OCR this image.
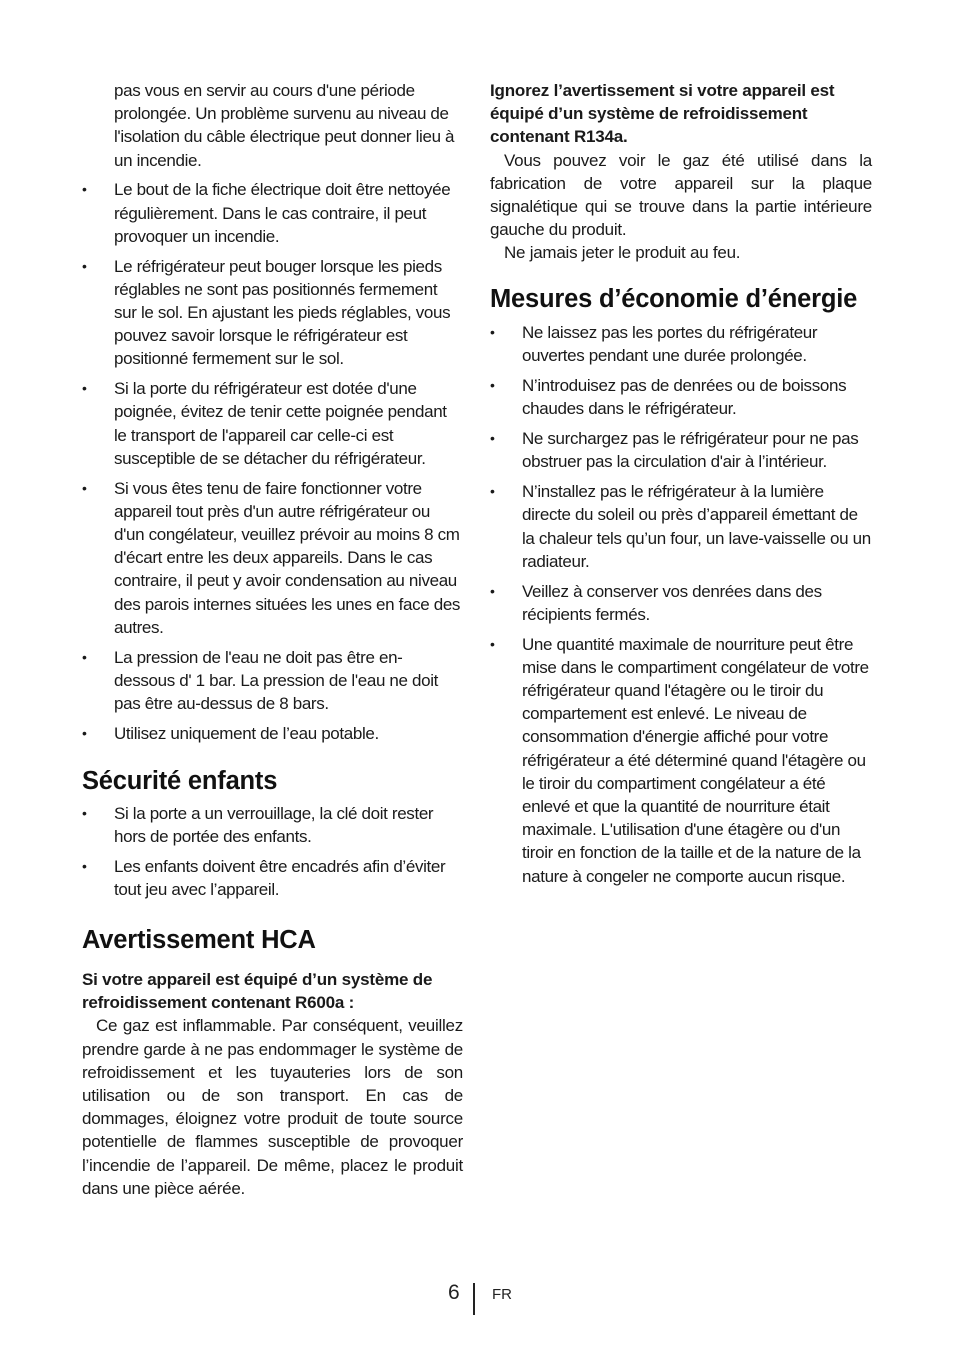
pas vous en servir au cours d'une période prolongée. Un problème survenu au niveau de l'isolation du câble électrique peut donner lieu à un incendie.

•	Le bout de la fiche électrique doit être nettoyée régulièrement. Dans le cas contraire, il peut provoquer un incendie.
•	Le réfrigérateur peut bouger lorsque les pieds réglables ne sont pas positionnés fermement sur le sol. En ajustant les pieds réglables, vous pouvez savoir lorsque le réfrigérateur est positionné fermement sur le sol.
•	Si la porte du réfrigérateur est dotée d'une poignée, évitez de tenir cette poignée pendant le transport de l'appareil car celle-ci est susceptible de se détacher du réfrigérateur.
•	Si vous êtes tenu de faire fonctionner votre appareil tout près d'un autre réfrigérateur ou d'un congélateur, veuillez prévoir au moins 8 cm d'écart entre les deux appareils. Dans le cas contraire, il peut y avoir condensation au niveau des parois internes situées les unes en face des autres.
•	La pression de l'eau ne doit pas être en-dessous d' 1 bar. La pression de l'eau ne doit pas être au-dessus de 8 bars.
•	Utilisez uniquement de l’eau potable.
Sécurité enfants
•	Si la porte a un verrouillage, la clé doit rester hors de portée des enfants.
•	Les enfants doivent être encadrés afin d’éviter tout jeu avec l’appareil.
Avertissement HCA

Si votre appareil est équipé d’un système de refroidissement contenant R600a :

Ce gaz est inflammable. Par conséquent, veuillez prendre garde à ne pas endommager le système de refroidissement et les tuyauteries lors de son utilisation ou de son transport. En cas de dommages, éloignez votre produit de toute source potentielle de flammes susceptible de provoquer l’incendie de l’appareil. De même, placez le produit dans une pièce aérée.

Ignorez l’avertissement si votre appareil est équipé d’un système de refroidissement contenant R134a.

Vous pouvez voir le gaz été utilisé dans la fabrication de votre appareil sur la plaque signalétique qui se trouve dans la partie intérieure gauche du produit.

Ne jamais jeter le produit au feu.

Mesures d’économie d’énergie
•	Ne laissez pas les portes du réfrigérateur ouvertes pendant une durée prolongée.
•	N’introduisez pas de denrées ou de boissons chaudes dans le réfrigérateur.
•	Ne surchargez pas le réfrigérateur pour ne pas obstruer pas la circulation d'air à l’intérieur.
•	N’installez pas le réfrigérateur à la lumière directe du soleil ou près d’appareil émettant de la chaleur tels qu’un four, un lave-vaisselle ou un radiateur.
•	Veillez à conserver vos denrées dans des récipients fermés.
•	Une quantité maximale de nourriture peut être mise dans le compartiment congélateur de votre réfrigérateur quand l'étagère ou le tiroir du compartement est enlevé. Le niveau de consommation d'énergie affiché pour votre réfrigérateur a été déterminé quand l'étagère ou le tiroir du compartiment congélateur a été enlevé et que la quantité de nourriture était maximale. L'utilisation d'une étagère ou d'un tiroir en fonction de la taille et de la nature de la nature à congeler ne comporte aucun risque.
6 FR
